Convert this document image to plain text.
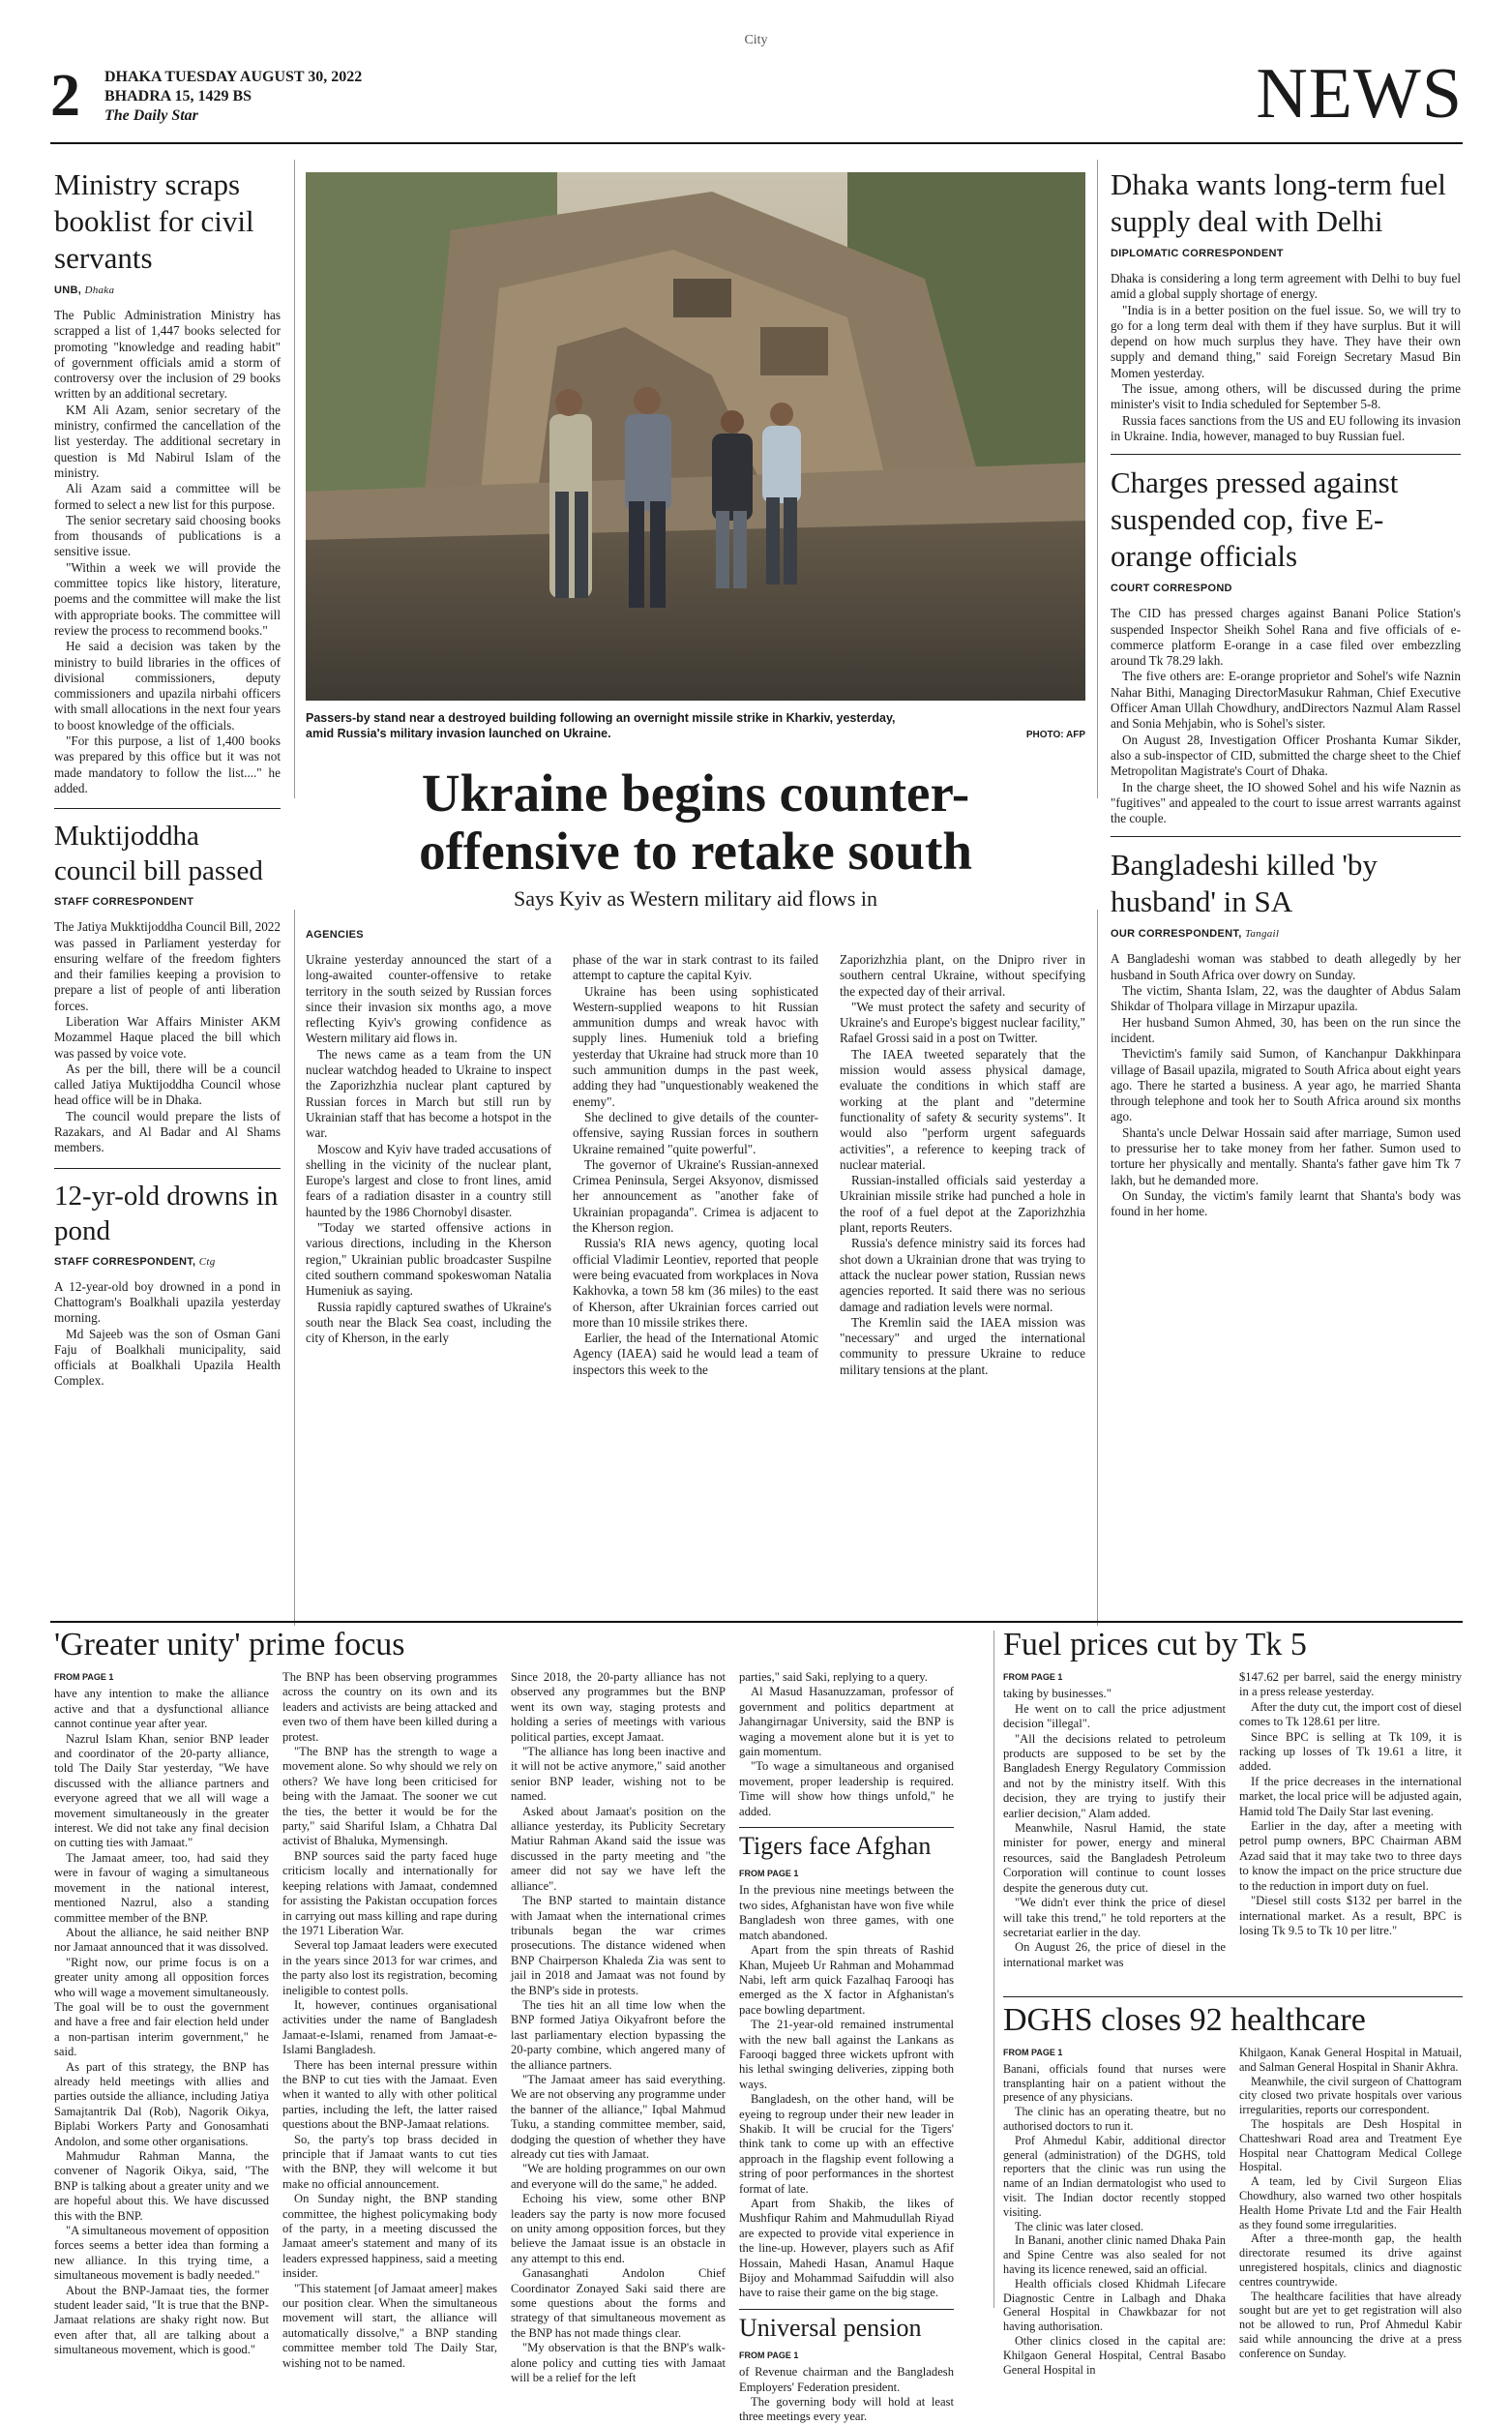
City
2 DHAKA TUESDAY AUGUST 30, 2022
BHADRA 15, 1429 BS
The Daily Star	NEWS
Ministry scraps booklist for civil servants
UNB, Dhaka

The Public Administration Ministry has scrapped a list of 1,447 books selected for promoting "knowledge and reading habit" of government officials amid a storm of controversy over the inclusion of 29 books written by an additional secretary.

KM Ali Azam, senior secretary of the ministry, confirmed the cancellation of the list yesterday. The additional secretary in question is Md Nabirul Islam of the ministry.

Ali Azam said a committee will be formed to select a new list for this purpose.

The senior secretary said choosing books from thousands of publications is a sensitive issue.

"Within a week we will provide the committee topics like history, literature, poems and the committee will make the list with appropriate books. The committee will review the process to recommend books."

He said a decision was taken by the ministry to build libraries in the offices of divisional commissioners, deputy commissioners and upazila nirbahi officers with small allocations in the next four years to boost knowledge of the officials.

"For this purpose, a list of 1,400 books was prepared by this office but it was not made mandatory to follow the list...." he added.

Muktijoddha council bill passed
STAFF CORRESPONDENT

The Jatiya Mukktijoddha Council Bill, 2022 was passed in Parliament yesterday for ensuring welfare of the freedom fighters and their families keeping a provision to prepare a list of people of anti liberation forces.

Liberation War Affairs Minister AKM Mozammel Haque placed the bill which was passed by voice vote.

As per the bill, there will be a council called Jatiya Muktijoddha Council whose head office will be in Dhaka.

The council would prepare the lists of Razakars, and Al Badar and Al Shams members.

12-yr-old drowns in pond
STAFF CORRESPONDENT, Ctg

A 12-year-old boy drowned in a pond in Chattogram's Boalkhali upazila yesterday morning.

Md Sajeeb was the son of Osman Gani Faju of Boalkhali municipality, said officials at Boalkhali Upazila Health Complex.

Passers-by stand near a destroyed building following an overnight missile strike in Kharkiv, yesterday, amid Russia's military invasion launched on Ukraine.	PHOTO: AFP
Ukraine begins counter-
offensive to retake south
Says Kyiv as Western military aid flows in
AGENCIES

Ukraine yesterday announced the start of a long-awaited counter-offensive to retake territory in the south seized by Russian forces since their invasion six months ago, a move reflecting Kyiv's growing confidence as Western military aid flows in.

The news came as a team from the UN nuclear watchdog headed to Ukraine to inspect the Zaporizhzhia nuclear plant captured by Russian forces in March but still run by Ukrainian staff that has become a hotspot in the war.

Moscow and Kyiv have traded accusations of shelling in the vicinity of the nuclear plant, Europe's largest and close to front lines, amid fears of a radiation disaster in a country still haunted by the 1986 Chornobyl disaster.

"Today we started offensive actions in various directions, including in the Kherson region," Ukrainian public broadcaster Suspilne cited southern command spokeswoman Natalia Humeniuk as saying.

Russia rapidly captured swathes of Ukraine's south near the Black Sea coast, including the city of Kherson, in the early

phase of the war in stark contrast to its failed attempt to capture the capital Kyiv.

Ukraine has been using sophisticated Western-supplied weapons to hit Russian ammunition dumps and wreak havoc with supply lines. Humeniuk told a briefing yesterday that Ukraine had struck more than 10 such ammunition dumps in the past week, adding they had "unquestionably weakened the enemy".

She declined to give details of the counter-offensive, saying Russian forces in southern Ukraine remained "quite powerful".

The governor of Ukraine's Russian-annexed Crimea Peninsula, Sergei Aksyonov, dismissed her announcement as "another fake of Ukrainian propaganda". Crimea is adjacent to the Kherson region.

Russia's RIA news agency, quoting local official Vladimir Leontiev, reported that people were being evacuated from workplaces in Nova Kakhovka, a town 58 km (36 miles) to the east of Kherson, after Ukrainian forces carried out more than 10 missile strikes there.

Earlier, the head of the International Atomic Agency (IAEA) said he would lead a team of inspectors this week to the

Zaporizhzhia plant, on the Dnipro river in southern central Ukraine, without specifying the expected day of their arrival.

"We must protect the safety and security of Ukraine's and Europe's biggest nuclear facility," Rafael Grossi said in a post on Twitter.

The IAEA tweeted separately that the mission would assess physical damage, evaluate the conditions in which staff are working at the plant and "determine functionality of safety & security systems". It would also "perform urgent safeguards activities", a reference to keeping track of nuclear material.

Russian-installed officials said yesterday a Ukrainian missile strike had punched a hole in the roof of a fuel depot at the Zaporizhzhia plant, reports Reuters.

Russia's defence ministry said its forces had shot down a Ukrainian drone that was trying to attack the nuclear power station, Russian news agencies reported. It said there was no serious damage and radiation levels were normal.

The Kremlin said the IAEA mission was "necessary" and urged the international community to pressure Ukraine to reduce military tensions at the plant.

Dhaka wants long-term fuel supply deal with Delhi
DIPLOMATIC CORRESPONDENT

Dhaka is considering a long term agreement with Delhi to buy fuel amid a global supply shortage of energy.

"India is in a better position on the fuel issue. So, we will try to go for a long term deal with them if they have surplus. But it will depend on how much surplus they have. They have their own supply and demand thing," said Foreign Secretary Masud Bin Momen yesterday.

The issue, among others, will be discussed during the prime minister's visit to India scheduled for September 5-8.

Russia faces sanctions from the US and EU following its invasion in Ukraine. India, however, managed to buy Russian fuel.

Charges pressed against suspended cop, five E-orange officials
COURT CORRESPOND

The CID has pressed charges against Banani Police Station's suspended Inspector Sheikh Sohel Rana and five officials of e-commerce platform E-orange in a case filed over embezzling around Tk 78.29 lakh.

The five others are: E-orange proprietor and Sohel's wife Naznin Nahar Bithi, Managing DirectorMasukur Rahman, Chief Executive Officer Aman Ullah Chowdhury, andDirectors Nazmul Alam Rassel and Sonia Mehjabin, who is Sohel's sister.

On August 28, Investigation Officer Proshanta Kumar Sikder, also a sub-inspector of CID, submitted the charge sheet to the Chief Metropolitan Magistrate's Court of Dhaka.

In the charge sheet, the IO showed Sohel and his wife Naznin as "fugitives" and appealed to the court to issue arrest warrants against the couple.

Bangladeshi killed 'by husband' in SA
OUR CORRESPONDENT, Tangail

A Bangladeshi woman was stabbed to death allegedly by her husband in South Africa over dowry on Sunday.

The victim, Shanta Islam, 22, was the daughter of Abdus Salam Shikdar of Tholpara village in Mirzapur upazila.

Her husband Sumon Ahmed, 30, has been on the run since the incident.

Thevictim's family said Sumon, of Kanchanpur Dakkhinpara village of Basail upazila, migrated to South Africa about eight years ago. There he started a business. A year ago, he married Shanta through telephone and took her to South Africa around six months ago.

Shanta's uncle Delwar Hossain said after marriage, Sumon used to pressurise her to take money from her father. Sumon used to torture her physically and mentally. Shanta's father gave him Tk 7 lakh, but he demanded more.

On Sunday, the victim's family learnt that Shanta's body was found in her home.

'Greater unity' prime focus
FROM PAGE 1

have any intention to make the alliance active and that a dysfunctional alliance cannot continue year after year.

Nazrul Islam Khan, senior BNP leader and coordinator of the 20-party alliance, told The Daily Star yesterday, "We have discussed with the alliance partners and everyone agreed that we all will wage a movement simultaneously in the greater interest. We did not take any final decision on cutting ties with Jamaat."

The Jamaat ameer, too, had said they were in favour of waging a simultaneous movement in the national interest, mentioned Nazrul, also a standing committee member of the BNP.

About the alliance, he said neither BNP nor Jamaat announced that it was dissolved.

"Right now, our prime focus is on a greater unity among all opposition forces who will wage a movement simultaneously. The goal will be to oust the government and have a free and fair election held under a non-partisan interim government," he said.

As part of this strategy, the BNP has already held meetings with allies and parties outside the alliance, including Jatiya Samajtantrik Dal (Rob), Nagorik Oikya, Biplabi Workers Party and Gonosamhati Andolon, and some other organisations.

Mahmudur Rahman Manna, the convener of Nagorik Oikya, said, "The BNP is talking about a greater unity and we are hopeful about this. We have discussed this with the BNP.

"A simultaneous movement of opposition forces seems a better idea than forming a new alliance. In this trying time, a simultaneous movement is badly needed."

About the BNP-Jamaat ties, the former student leader said, "It is true that the BNP-Jamaat relations are shaky right now. But even after that, all are talking about a simultaneous movement, which is good."

The BNP has been observing programmes across the country on its own and its leaders and activists are being attacked and even two of them have been killed during a protest.

"The BNP has the strength to wage a movement alone. So why should we rely on others? We have long been criticised for being with the Jamaat. The sooner we cut the ties, the better it would be for the party," said Shariful Islam, a Chhatra Dal activist of Bhaluka, Mymensingh.

BNP sources said the party faced huge criticism locally and internationally for keeping relations with Jamaat, condemned for assisting the Pakistan occupation forces in carrying out mass killing and rape during the 1971 Liberation War.

Several top Jamaat leaders were executed in the years since 2013 for war crimes, and the party also lost its registration, becoming ineligible to contest polls.

It, however, continues organisational activities under the name of Bangladesh Jamaat-e-Islami, renamed from Jamaat-e-Islami Bangladesh.

There has been internal pressure within the BNP to cut ties with the Jamaat. Even when it wanted to ally with other political parties, including the left, the latter raised questions about the BNP-Jamaat relations.

So, the party's top brass decided in principle that if Jamaat wants to cut ties with the BNP, they will welcome it but make no official announcement.

On Sunday night, the BNP standing committee, the highest policymaking body of the party, in a meeting discussed the Jamaat ameer's statement and many of its leaders expressed happiness, said a meeting insider.

"This statement [of Jamaat ameer] makes our position clear. When the simultaneous movement will start, the alliance will automatically dissolve," a BNP standing committee member told The Daily Star, wishing not to be named.

Since 2018, the 20-party alliance has not observed any programmes but the BNP went its own way, staging protests and holding a series of meetings with various political parties, except Jamaat.

"The alliance has long been inactive and it will not be active anymore," said another senior BNP leader, wishing not to be named.

Asked about Jamaat's position on the alliance yesterday, its Publicity Secretary Matiur Rahman Akand said the issue was discussed in the party meeting and "the ameer did not say we have left the alliance".

The BNP started to maintain distance with Jamaat when the international crimes tribunals began the war crimes prosecutions. The distance widened when BNP Chairperson Khaleda Zia was sent to jail in 2018 and Jamaat was not found by the BNP's side in protests.

The ties hit an all time low when the BNP formed Jatiya Oikyafront before the last parliamentary election bypassing the 20-party combine, which angered many of the alliance partners.

"The Jamaat ameer has said everything. We are not observing any programme under the banner of the alliance," Iqbal Mahmud Tuku, a standing committee member, said, dodging the question of whether they have already cut ties with Jamaat.

"We are holding programmes on our own and everyone will do the same," he added.

Echoing his view, some other BNP leaders say the party is now more focused on unity among opposition forces, but they believe the Jamaat issue is an obstacle in any attempt to this end.

Ganasanghati Andolon Chief Coordinator Zonayed Saki said there are some questions about the forms and strategy of that simultaneous movement as the BNP has not made things clear.

"My observation is that the BNP's walk-alone policy and cutting ties with Jamaat will be a relief for the left

parties," said Saki, replying to a query.

Al Masud Hasanuzzaman, professor of government and politics department at Jahangirnagar University, said the BNP is waging a movement alone but it is yet to gain momentum.

"To wage a simultaneous and organised movement, proper leadership is required. Time will show how things unfold," he added.

Tigers face Afghan
FROM PAGE 1

In the previous nine meetings between the two sides, Afghanistan have won five while Bangladesh won three games, with one match abandoned.

Apart from the spin threats of Rashid Khan, Mujeeb Ur Rahman and Mohammad Nabi, left arm quick Fazalhaq Farooqi has emerged as the X factor in Afghanistan's pace bowling department.

The 21-year-old remained instrumental with the new ball against the Lankans as Farooqi bagged three wickets upfront with his lethal swinging deliveries, zipping both ways.

Bangladesh, on the other hand, will be eyeing to regroup under their new leader in Shakib. It will be crucial for the Tigers' think tank to come up with an effective approach in the flagship event following a string of poor performances in the shortest format of late.

Apart from Shakib, the likes of Mushfiqur Rahim and Mahmudullah Riyad are expected to provide vital experience in the line-up. However, players such as Afif Hossain, Mahedi Hasan, Anamul Haque Bijoy and Mohammad Saifuddin will also have to raise their game on the big stage.

Universal pension
FROM PAGE 1

of Revenue chairman and the Bangladesh Employers' Federation president.

The governing body will hold at least three meetings every year.

Fuel prices cut by Tk 5
FROM PAGE 1

taking by businesses."

He went on to call the price adjustment decision "illegal".

"All the decisions related to petroleum products are supposed to be set by the Bangladesh Energy Regulatory Commission and not by the ministry itself. With this decision, they are trying to justify their earlier decision," Alam added.

Meanwhile, Nasrul Hamid, the state minister for power, energy and mineral resources, said the Bangladesh Petroleum Corporation will continue to count losses despite the generous duty cut.

"We didn't ever think the price of diesel will take this trend," he told reporters at the secretariat earlier in the day.

On August 26, the price of diesel in the international market was

$147.62 per barrel, said the energy ministry in a press release yesterday.

After the duty cut, the import cost of diesel comes to Tk 128.61 per litre.

Since BPC is selling at Tk 109, it is racking up losses of Tk 19.61 a litre, it added.

If the price decreases in the international market, the local price will be adjusted again, Hamid told The Daily Star last evening.

Earlier in the day, after a meeting with petrol pump owners, BPC Chairman ABM Azad said that it may take two to three days to know the impact on the price structure due to the reduction in import duty on fuel.

"Diesel still costs $132 per barrel in the international market. As a result, BPC is losing Tk 9.5 to Tk 10 per litre."

DGHS closes 92 healthcare
FROM PAGE 1

Banani, officials found that nurses were transplanting hair on a patient without the presence of any physicians.

The clinic has an operating theatre, but no authorised doctors to run it.

Prof Ahmedul Kabir, additional director general (administration) of the DGHS, told reporters that the clinic was run using the name of an Indian dermatologist who used to visit. The Indian doctor recently stopped visiting.

The clinic was later closed.

In Banani, another clinic named Dhaka Pain and Spine Centre was also sealed for not having its licence renewed, said an official.

Health officials closed Khidmah Lifecare Diagnostic Centre in Lalbagh and Dhaka General Hospital in Chawkbazar for not having authorisation.

Other clinics closed in the capital are: Khilgaon General Hospital, Central Basabo General Hospital in

Khilgaon, Kanak General Hospital in Matuail, and Salman General Hospital in Shanir Akhra.

Meanwhile, the civil surgeon of Chattogram city closed two private hospitals over various irregularities, reports our correspondent.

The hospitals are Desh Hospital in Chatteshwari Road area and Treatment Eye Hospital near Chattogram Medical College Hospital.

A team, led by Civil Surgeon Elias Chowdhury, also warned two other hospitals Health Home Private Ltd and the Fair Health as they found some irregularities.

After a three-month gap, the health directorate resumed its drive against unregistered hospitals, clinics and diagnostic centres countrywide.

The healthcare facilities that have already sought but are yet to get registration will also not be allowed to run, Prof Ahmedul Kabir said while announcing the drive at a press conference on Sunday.
